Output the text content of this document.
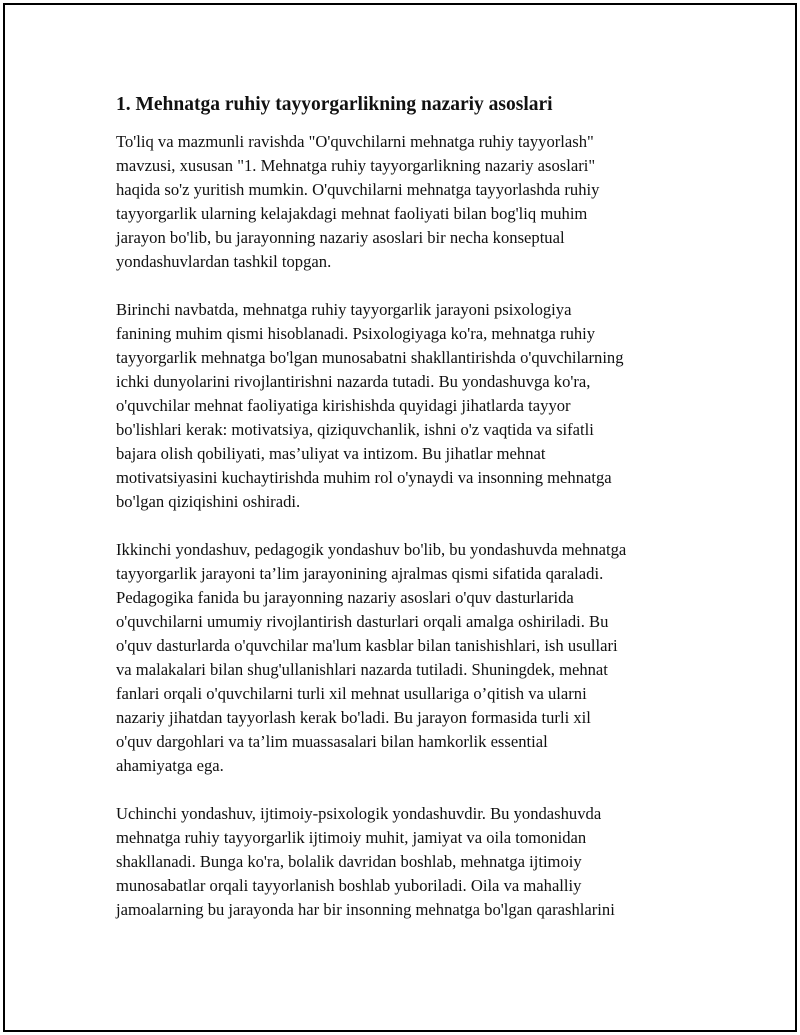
1. Mehnatga ruhiy tayyorgarlikning nazariy asoslari
To'liq va mazmunli ravishda "O'quvchilarni mehnatga ruhiy tayyorlash"
mavzusi, xususan "1. Mehnatga ruhiy tayyorgarlikning nazariy asoslari"
haqida so'z yuritish mumkin. O'quvchilarni mehnatga tayyorlashda ruhiy
tayyorgarlik ularning kelajakdagi mehnat faoliyati bilan bog'liq muhim
jarayon bo'lib, bu jarayonning nazariy asoslari bir necha konseptual
yondashuvlardan tashkil topgan.
Birinchi navbatda, mehnatga ruhiy tayyorgarlik jarayoni psixologiya
fanining muhim qismi hisoblanadi. Psixologiyaga ko'ra, mehnatga ruhiy
tayyorgarlik mehnatga bo'lgan munosabatni shakllantirishda o'quvchilarning
ichki dunyolarini rivojlantirishni nazarda tutadi. Bu yondashuvga ko'ra,
o'quvchilar mehnat faoliyatiga kirishishda quyidagi jihatlarda tayyor
bo'lishlari kerak: motivatsiya, qiziquvchanlik, ishni o'z vaqtida va sifatli
bajara olish qobiliyati, mas’uliyat va intizom. Bu jihatlar mehnat
motivatsiyasini kuchaytirishda muhim rol o'ynaydi va insonning mehnatga
bo'lgan qiziqishini oshiradi.
Ikkinchi yondashuv, pedagogik yondashuv bo'lib, bu yondashuvda mehnatga
tayyorgarlik jarayoni ta’lim jarayonining ajralmas qismi sifatida qaraladi.
Pedagogika fanida bu jarayonning nazariy asoslari o'quv dasturlarida
o'quvchilarni umumiy rivojlantirish dasturlari orqali amalga oshiriladi. Bu
o'quv dasturlarda o'quvchilar ma'lum kasblar bilan tanishishlari, ish usullari
va malakalari bilan shug'ullanishlari nazarda tutiladi. Shuningdek, mehnat
fanlari orqali o'quvchilarni turli xil mehnat usullariga o’qitish va ularni
nazariy jihatdan tayyorlash kerak bo'ladi. Bu jarayon formasida turli xil
o'quv dargohlari va ta’lim muassasalari bilan hamkorlik essential
ahamiyatga ega.
Uchinchi yondashuv, ijtimoiy-psixologik yondashuvdir. Bu yondashuvda
mehnatga ruhiy tayyorgarlik ijtimoiy muhit, jamiyat va oila tomonidan
shakllanadi. Bunga ko'ra, bolalik davridan boshlab, mehnatga ijtimoiy
munosabatlar orqali tayyorlanish boshlab yuboriladi. Oila va mahalliy
jamoalarning bu jarayonda har bir insonning mehnatga bo'lgan qarashlarini
